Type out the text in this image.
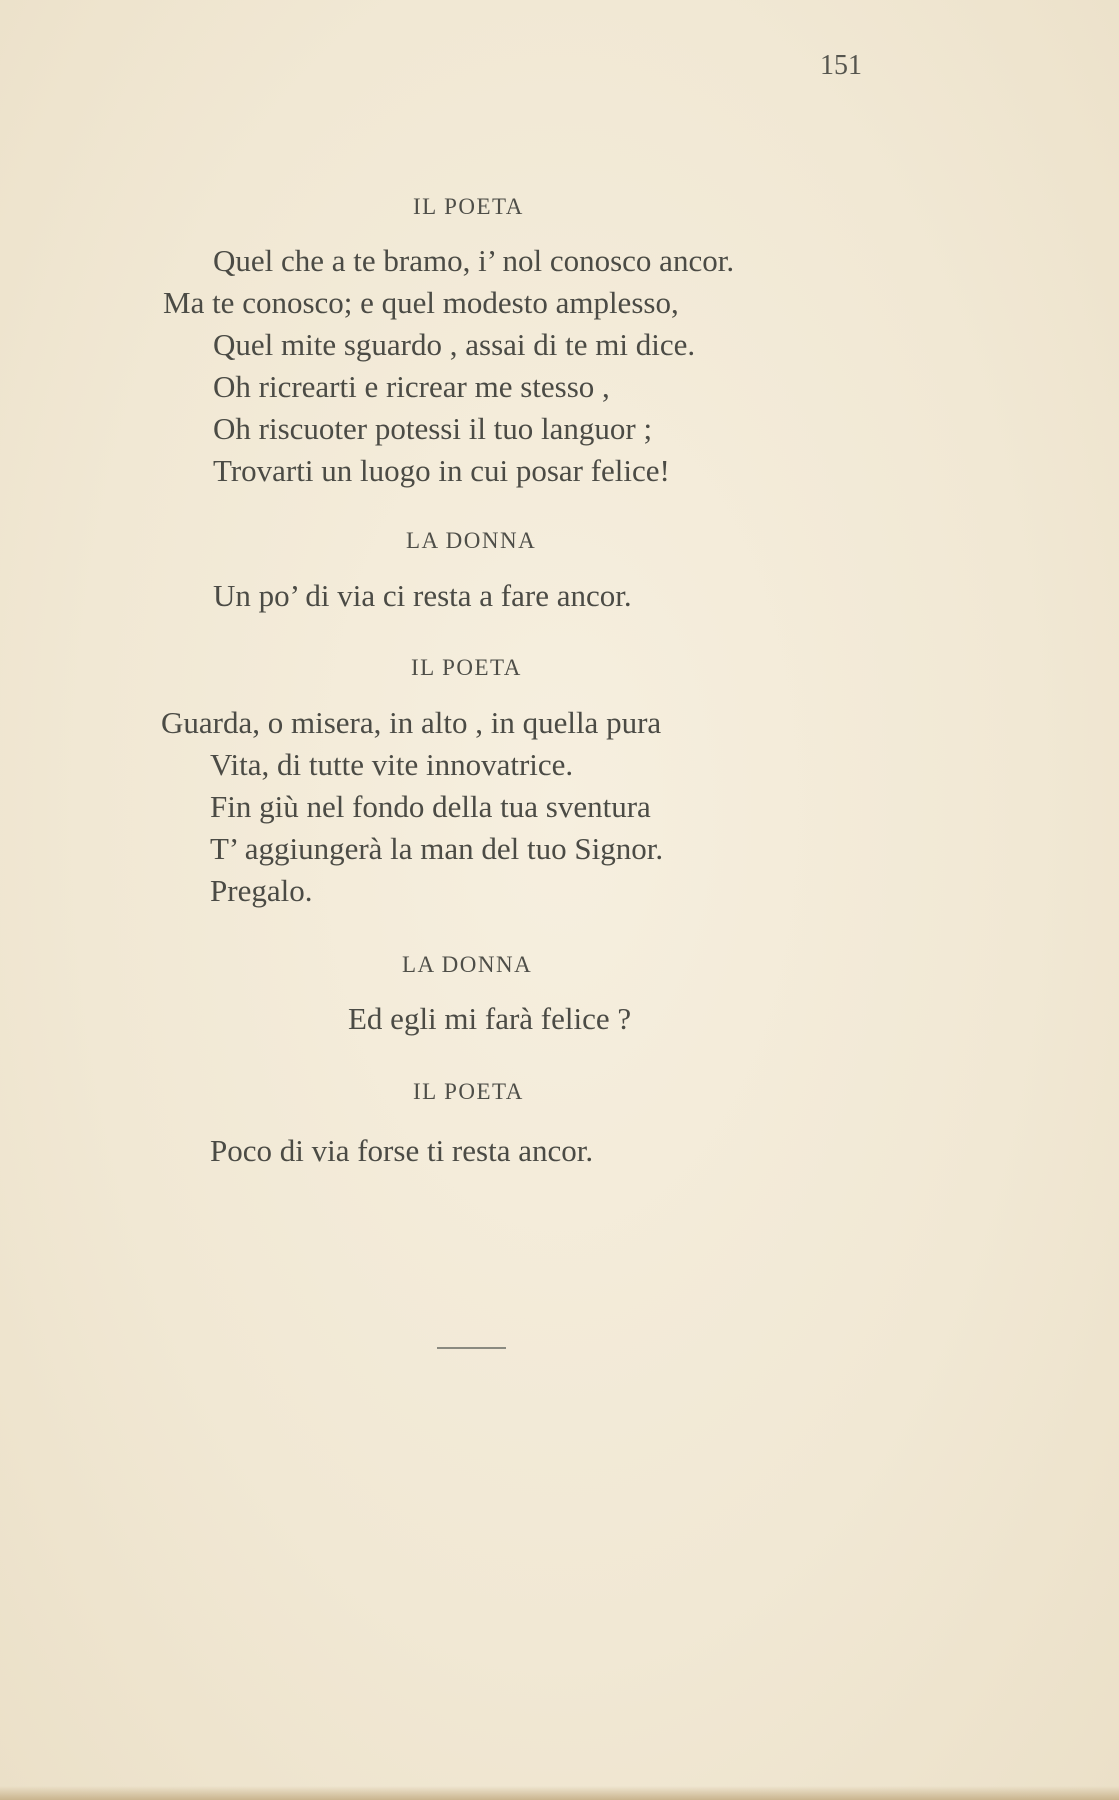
151
IL POETA
Quel che a te bramo, i’ nol conosco ancor.
Ma te conosco; e quel modesto amplesso,
Quel mite sguardo , assai di te mi dice.
Oh ricrearti e ricrear me stesso ,
Oh riscuoter potessi il tuo languor ;
Trovarti un luogo in cui posar felice!
LA DONNA
Un po’ di via ci resta a fare ancor.
IL POETA
Guarda, o misera, in alto , in quella pura
Vita, di tutte vite innovatrice.
Fin giù nel fondo della tua sventura
T’ aggiungerà la man del tuo Signor.
Pregalo.
LA DONNA
Ed egli mi farà felice ?
IL POETA
Poco di via forse ti resta ancor.
